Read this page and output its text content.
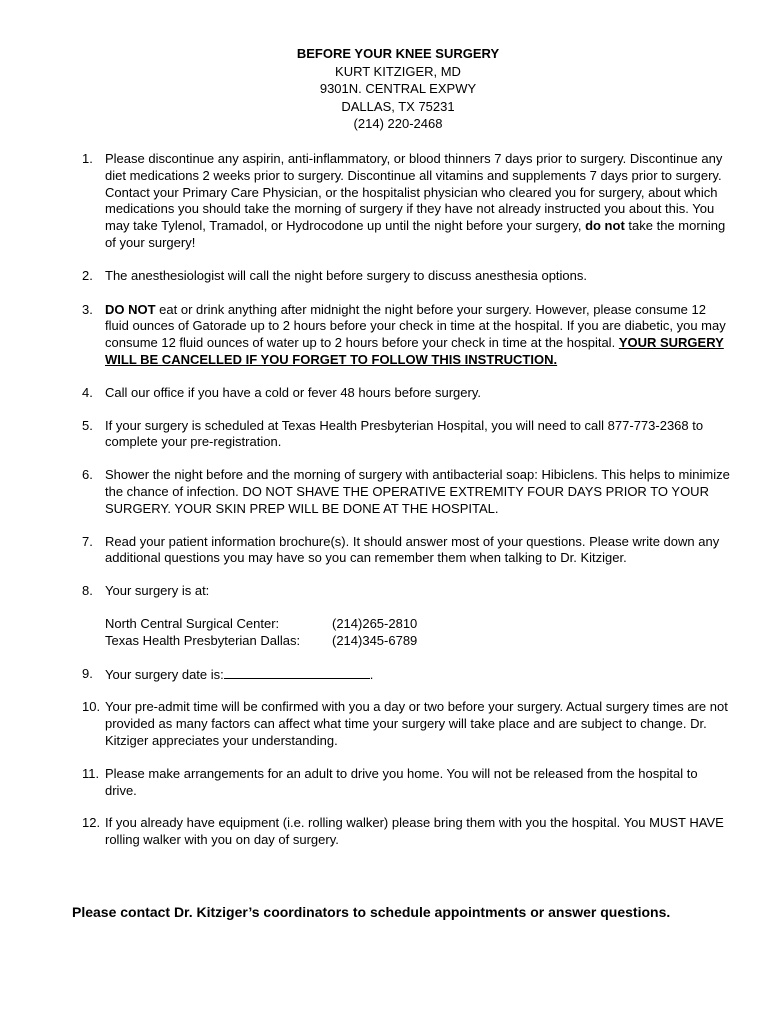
BEFORE YOUR KNEE SURGERY
KURT KITZIGER, MD
9301N. CENTRAL EXPWY
DALLAS, TX 75231
(214) 220-2468
1. Please discontinue any aspirin, anti-inflammatory, or blood thinners 7 days prior to surgery. Discontinue any diet medications 2 weeks prior to surgery. Discontinue all vitamins and supplements 7 days prior to surgery. Contact your Primary Care Physician, or the hospitalist physician who cleared you for surgery, about which medications you should take the morning of surgery if they have not already instructed you about this. You may take Tylenol, Tramadol, or Hydrocodone up until the night before your surgery, do not take the morning of your surgery!
2. The anesthesiologist will call the night before surgery to discuss anesthesia options.
3. DO NOT eat or drink anything after midnight the night before your surgery. However, please consume 12 fluid ounces of Gatorade up to 2 hours before your check in time at the hospital. If you are diabetic, you may consume 12 fluid ounces of water up to 2 hours before your check in time at the hospital. YOUR SURGERY WILL BE CANCELLED IF YOU FORGET TO FOLLOW THIS INSTRUCTION.
4. Call our office if you have a cold or fever 48 hours before surgery.
5. If your surgery is scheduled at Texas Health Presbyterian Hospital, you will need to call 877-773-2368 to complete your pre-registration.
6. Shower the night before and the morning of surgery with antibacterial soap: Hibiclens. This helps to minimize the chance of infection. DO NOT SHAVE THE OPERATIVE EXTREMITY FOUR DAYS PRIOR TO YOUR SURGERY. YOUR SKIN PREP WILL BE DONE AT THE HOSPITAL.
7. Read your patient information brochure(s). It should answer most of your questions. Please write down any additional questions you may have so you can remember them when talking to Dr. Kitziger.
8. Your surgery is at:
North Central Surgical Center:	(214)265-2810
Texas Health Presbyterian Dallas:	(214)345-6789
9. Your surgery date is:	.
10. Your pre-admit time will be confirmed with you a day or two before your surgery. Actual surgery times are not provided as many factors can affect what time your surgery will take place and are subject to change. Dr. Kitziger appreciates your understanding.
11. Please make arrangements for an adult to drive you home. You will not be released from the hospital to drive.
12. If you already have equipment (i.e. rolling walker) please bring them with you the hospital. You MUST HAVE rolling walker with you on day of surgery.
Please contact Dr. Kitziger’s coordinators to schedule appointments or answer questions.
